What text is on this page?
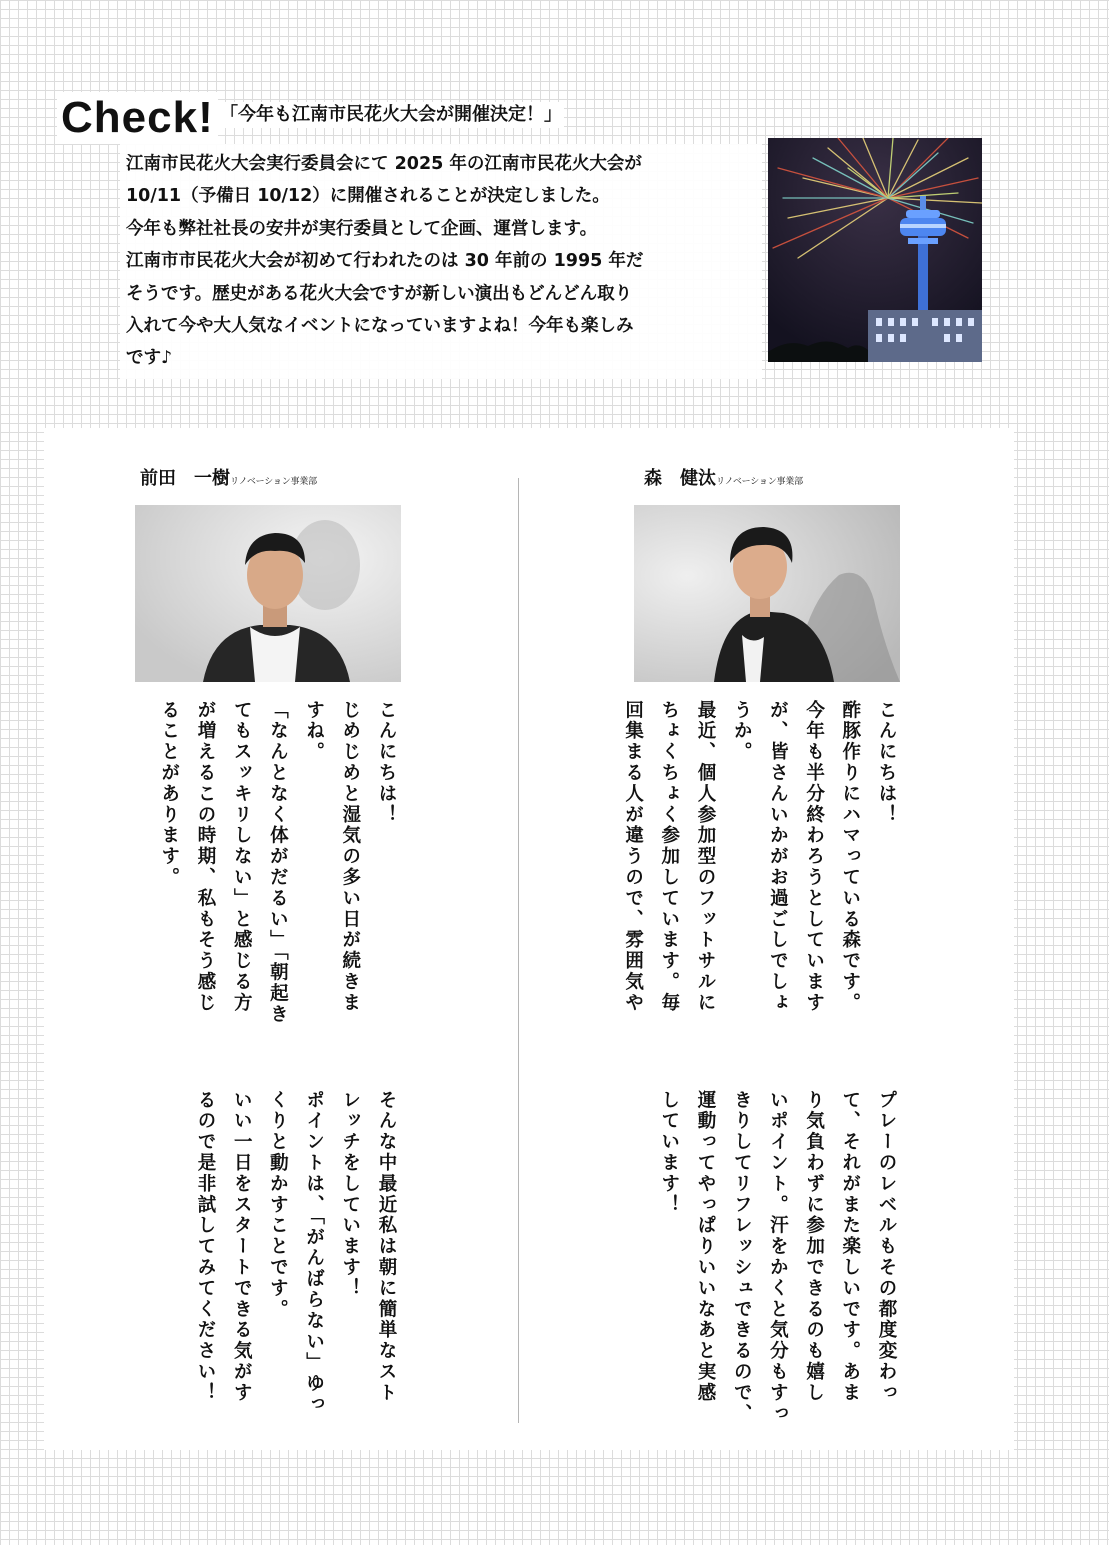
Check! 「今年も江南市民花火大会が開催決定！」

江南市民花火大会実行委員会にて 2025 年の江南市民花火大会が

10/11（予備日 10/12）に開催されることが決定しました。

今年も弊社社長の安井が実行委員として企画、運営します。

江南市市民花火大会が初めて行われたのは 30 年前の 1995 年だ

そうです。歴史がある花火大会ですが新しい演出もどんどん取り

入れて今や大人気なイベントになっていますよね！今年も楽しみ

です♪

前田　一樹リノベーション事業部

こんにちは！

じめじめと湿気の多い日が続きま

すね。

「なんとなく体がだるい」「朝起き

てもスッキリしない」と感じる方

が増えるこの時期、私もそう感じ

ることがあります。

そんな中最近私は朝に簡単なスト

レッチをしています！

ポイントは、「がんばらない」ゆっ

くりと動かすことです。

いい一日をスタートできる気がす

るので是非試してみてください！

森　健汰リノベーション事業部

こんにちは！

酢豚作りにハマっている森です。

今年も半分終わろうとしています

が、皆さんいかがお過ごしでしょ

うか。

最近、個人参加型のフットサルに

ちょくちょく参加しています。毎

回集まる人が違うので、雰囲気や

プレーのレベルもその都度変わっ

て、それがまた楽しいです。あま

り気負わずに参加できるのも嬉し

いポイント。汗をかくと気分もすっ

きりしてリフレッシュできるので、

運動ってやっぱりいいなあと実感

しています！
